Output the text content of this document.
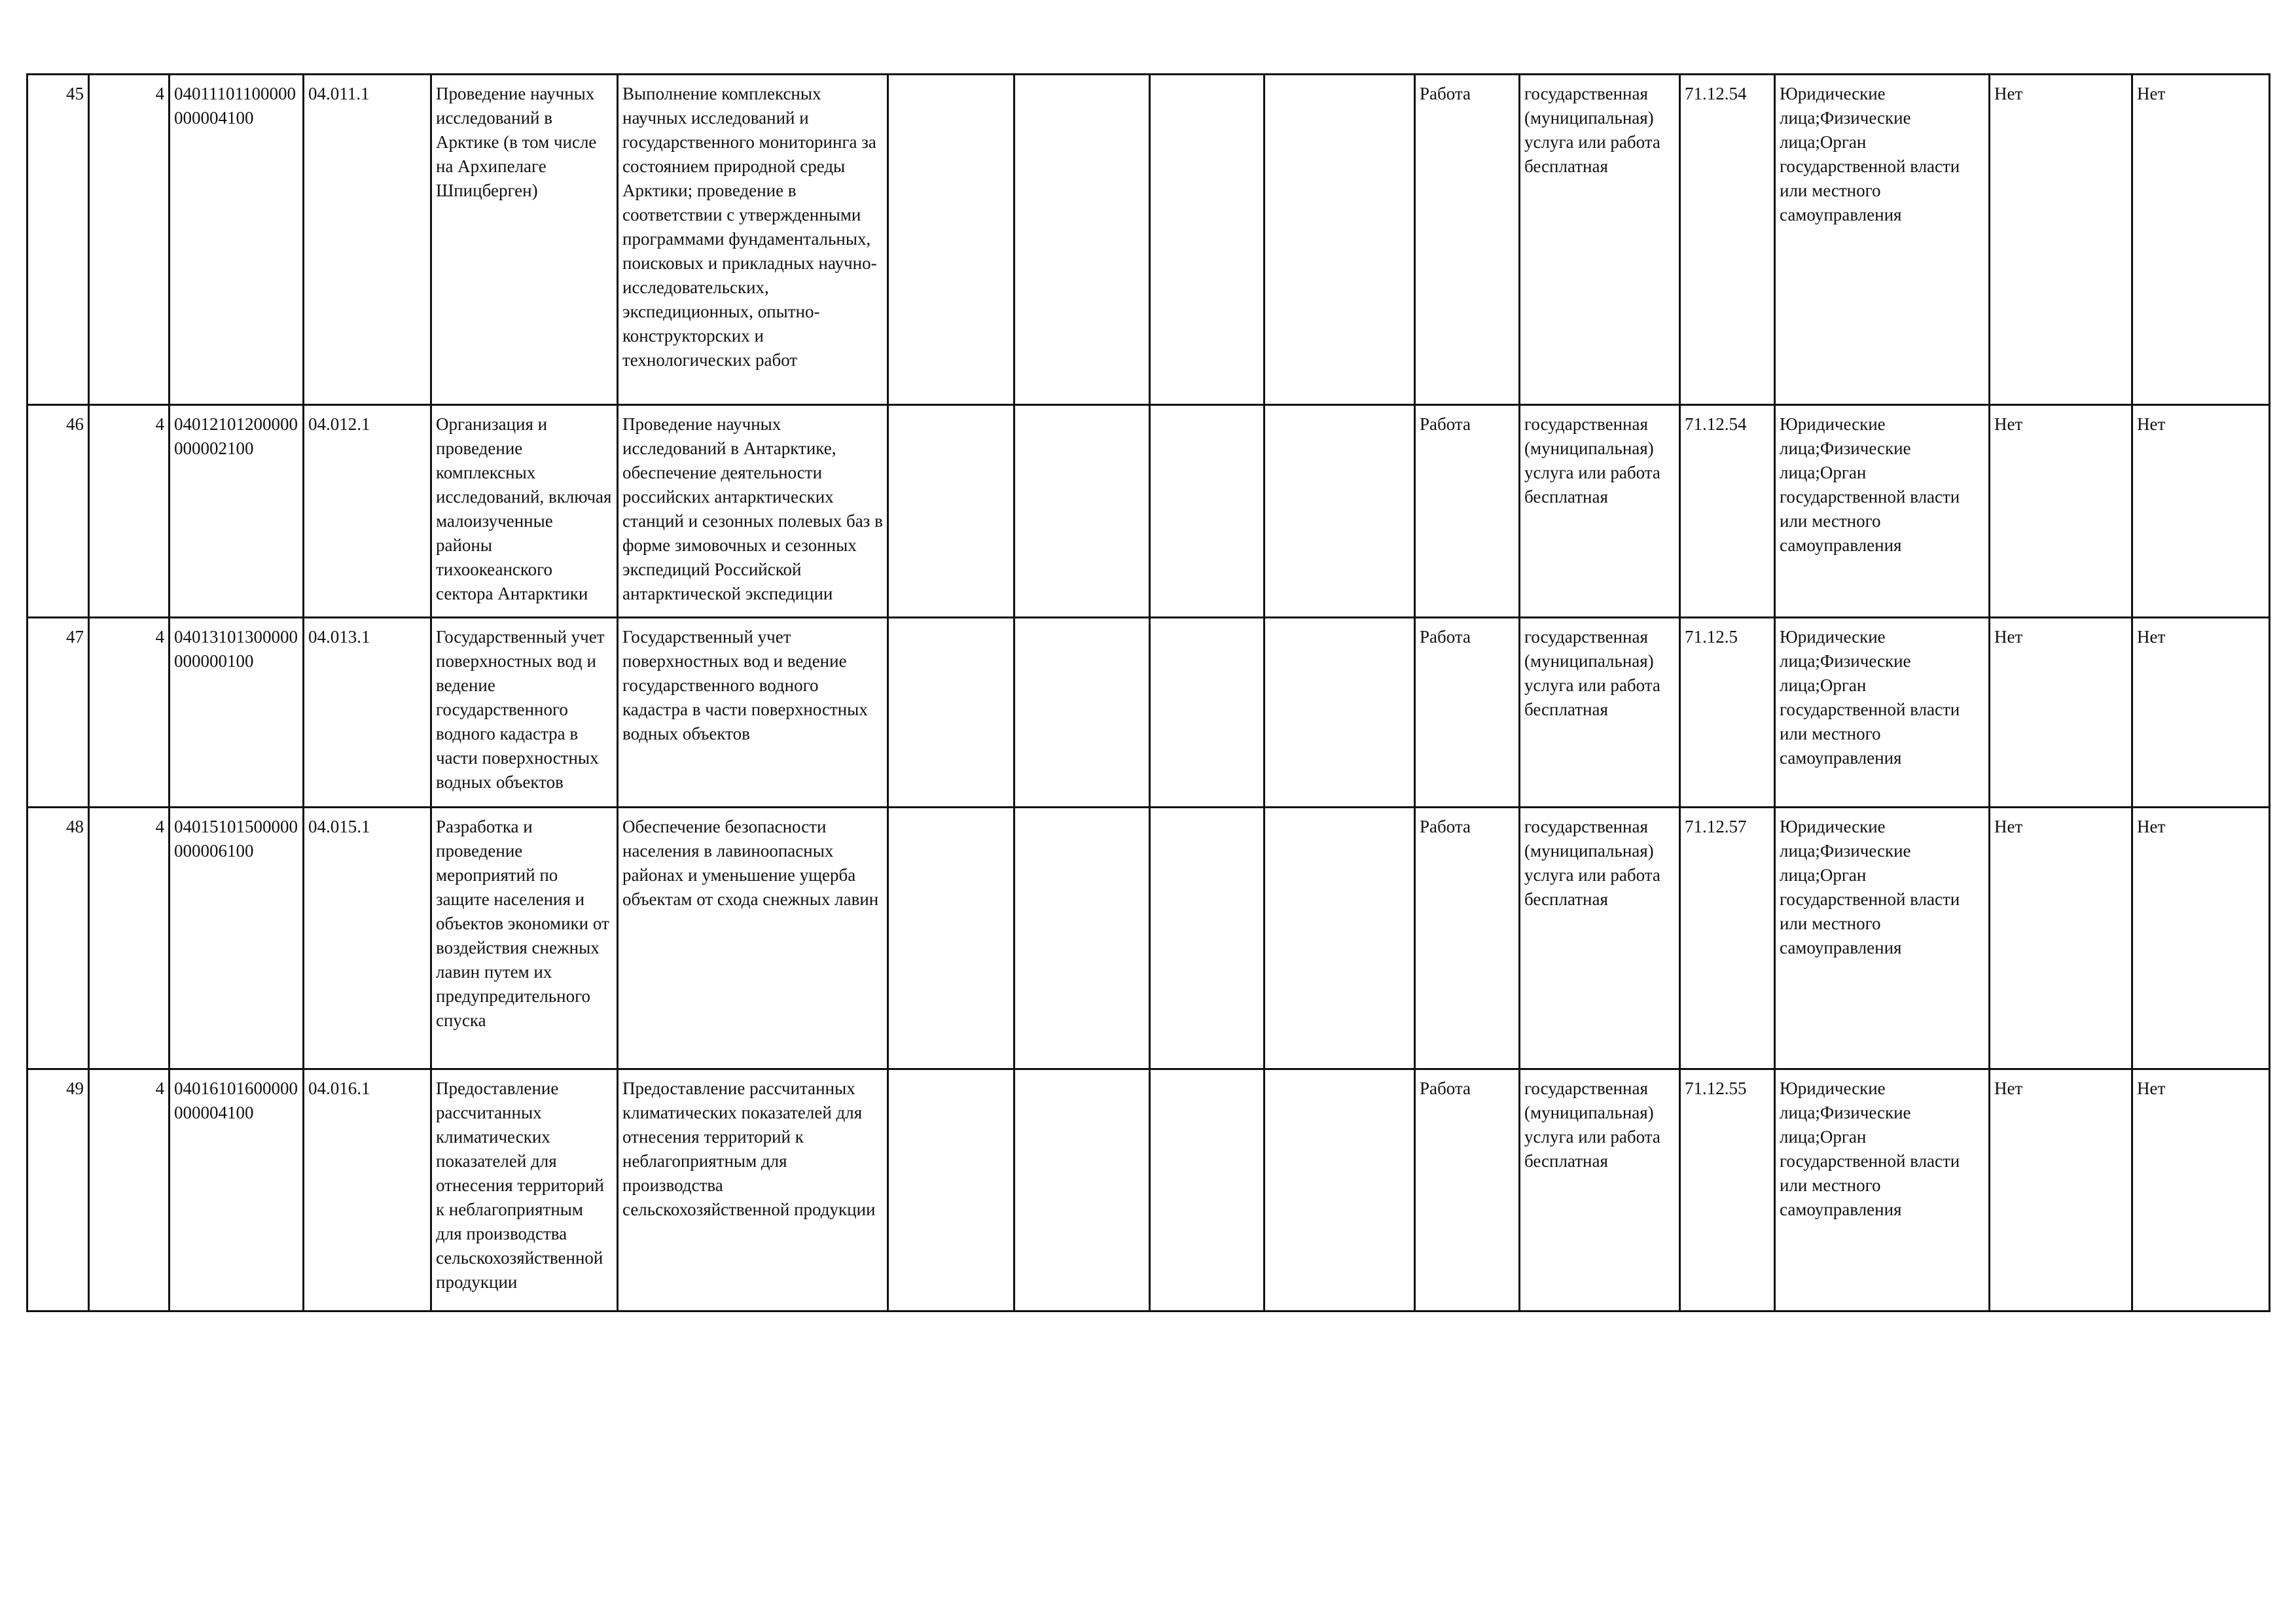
45	4	04011101100000000004100	04.011.1	Проведение научных исследований в Арктике (в том числе на Архипелаге Шпицберген)	Выполнение комплексных научных исследований и государственного мониторинга за состоянием природной среды Арктики; проведение в соответствии с утвержденными программами фундаментальных, поисковых и прикладных научно-исследовательских, экспедиционных, опытно-конструкторских и технологических работ					Работа	государственная (муниципальная) услуга или работа бесплатная	71.12.54	Юридические лица;Физические лица;Орган государственной власти или местного самоуправления	Нет	Нет
46	4	04012101200000000002100	04.012.1	Организация и проведение комплексных исследований, включая малоизученные районы тихоокеанского сектора Антарктики	Проведение научных исследований в Антарктике, обеспечение деятельности российских антарктических станций и сезонных полевых баз в форме зимовочных и сезонных экспедиций Российской антарктической экспедиции					Работа	государственная (муниципальная) услуга или работа бесплатная	71.12.54	Юридические лица;Физические лица;Орган государственной власти или местного самоуправления	Нет	Нет
47	4	04013101300000000000100	04.013.1	Государственный учет поверхностных вод и ведение государственного водного кадастра в части поверхностных водных объектов	Государственный учет поверхностных вод и ведение государственного водного кадастра в части поверхностных водных объектов					Работа	государственная (муниципальная) услуга или работа бесплатная	71.12.5	Юридические лица;Физические лица;Орган государственной власти или местного самоуправления	Нет	Нет
48	4	04015101500000000006100	04.015.1	Разработка и проведение мероприятий по защите населения и объектов экономики от воздействия снежных лавин путем их предупредительного спуска	Обеспечение безопасности населения в лавиноопасных районах и уменьшение ущерба объектам от схода снежных лавин					Работа	государственная (муниципальная) услуга или работа бесплатная	71.12.57	Юридические лица;Физические лица;Орган государственной власти или местного самоуправления	Нет	Нет
49	4	04016101600000000004100	04.016.1	Предоставление рассчитанных климатических показателей для отнесения территорий к неблагоприятным для производства сельскохозяйственной продукции	Предоставление рассчитанных климатических показателей для отнесения территорий к неблагоприятным для производства сельскохозяйственной продукции					Работа	государственная (муниципальная) услуга или работа бесплатная	71.12.55	Юридические лица;Физические лица;Орган государственной власти или местного самоуправления	Нет	Нет
